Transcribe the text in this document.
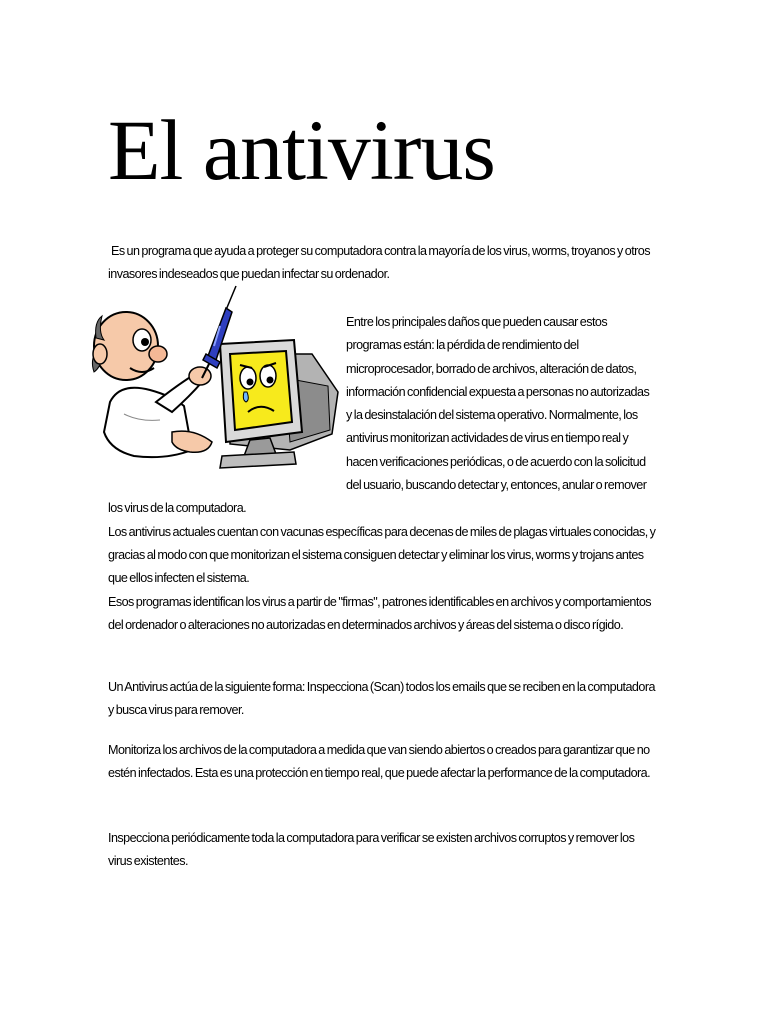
El antivirus

Es un programa que ayuda a proteger su computadora contra la mayoría de los virus, worms, troyanos y otros invasores indeseados que puedan infectar su ordenador.

Entre los principales daños que pueden causar estos programas están: la pérdida de rendimiento del microprocesador, borrado de archivos, alteración de datos, información confidencial expuesta a personas no autorizadas y la desinstalación del sistema operativo. Normalmente, los antivirus monitorizan actividades de virus en tiempo real y hacen verificaciones periódicas, o de acuerdo con la solicitud del usuario, buscando detectar y, entonces, anular o remover los virus de la computadora.

Los antivirus actuales cuentan con vacunas específicas para decenas de miles de plagas virtuales conocidas, y gracias al modo con que monitorizan el sistema consiguen detectar y eliminar los virus, worms y trojans antes que ellos infecten el sistema.

Esos programas identifican los virus a partir de "firmas", patrones identificables en archivos y comportamientos del ordenador o alteraciones no autorizadas en determinados archivos y áreas del sistema o disco rígido.

Un Antivirus actúa de la siguiente forma: Inspecciona (Scan) todos los emails que se reciben en la computadora y busca virus para remover.

Monitoriza los archivos de la computadora a medida que van siendo abiertos o creados para garantizar que no estén infectados. Esta es una protección en tiempo real, que puede afectar la performance de la computadora.

Inspecciona periódicamente toda la computadora para verificar se existen archivos corruptos y remover los virus existentes.
